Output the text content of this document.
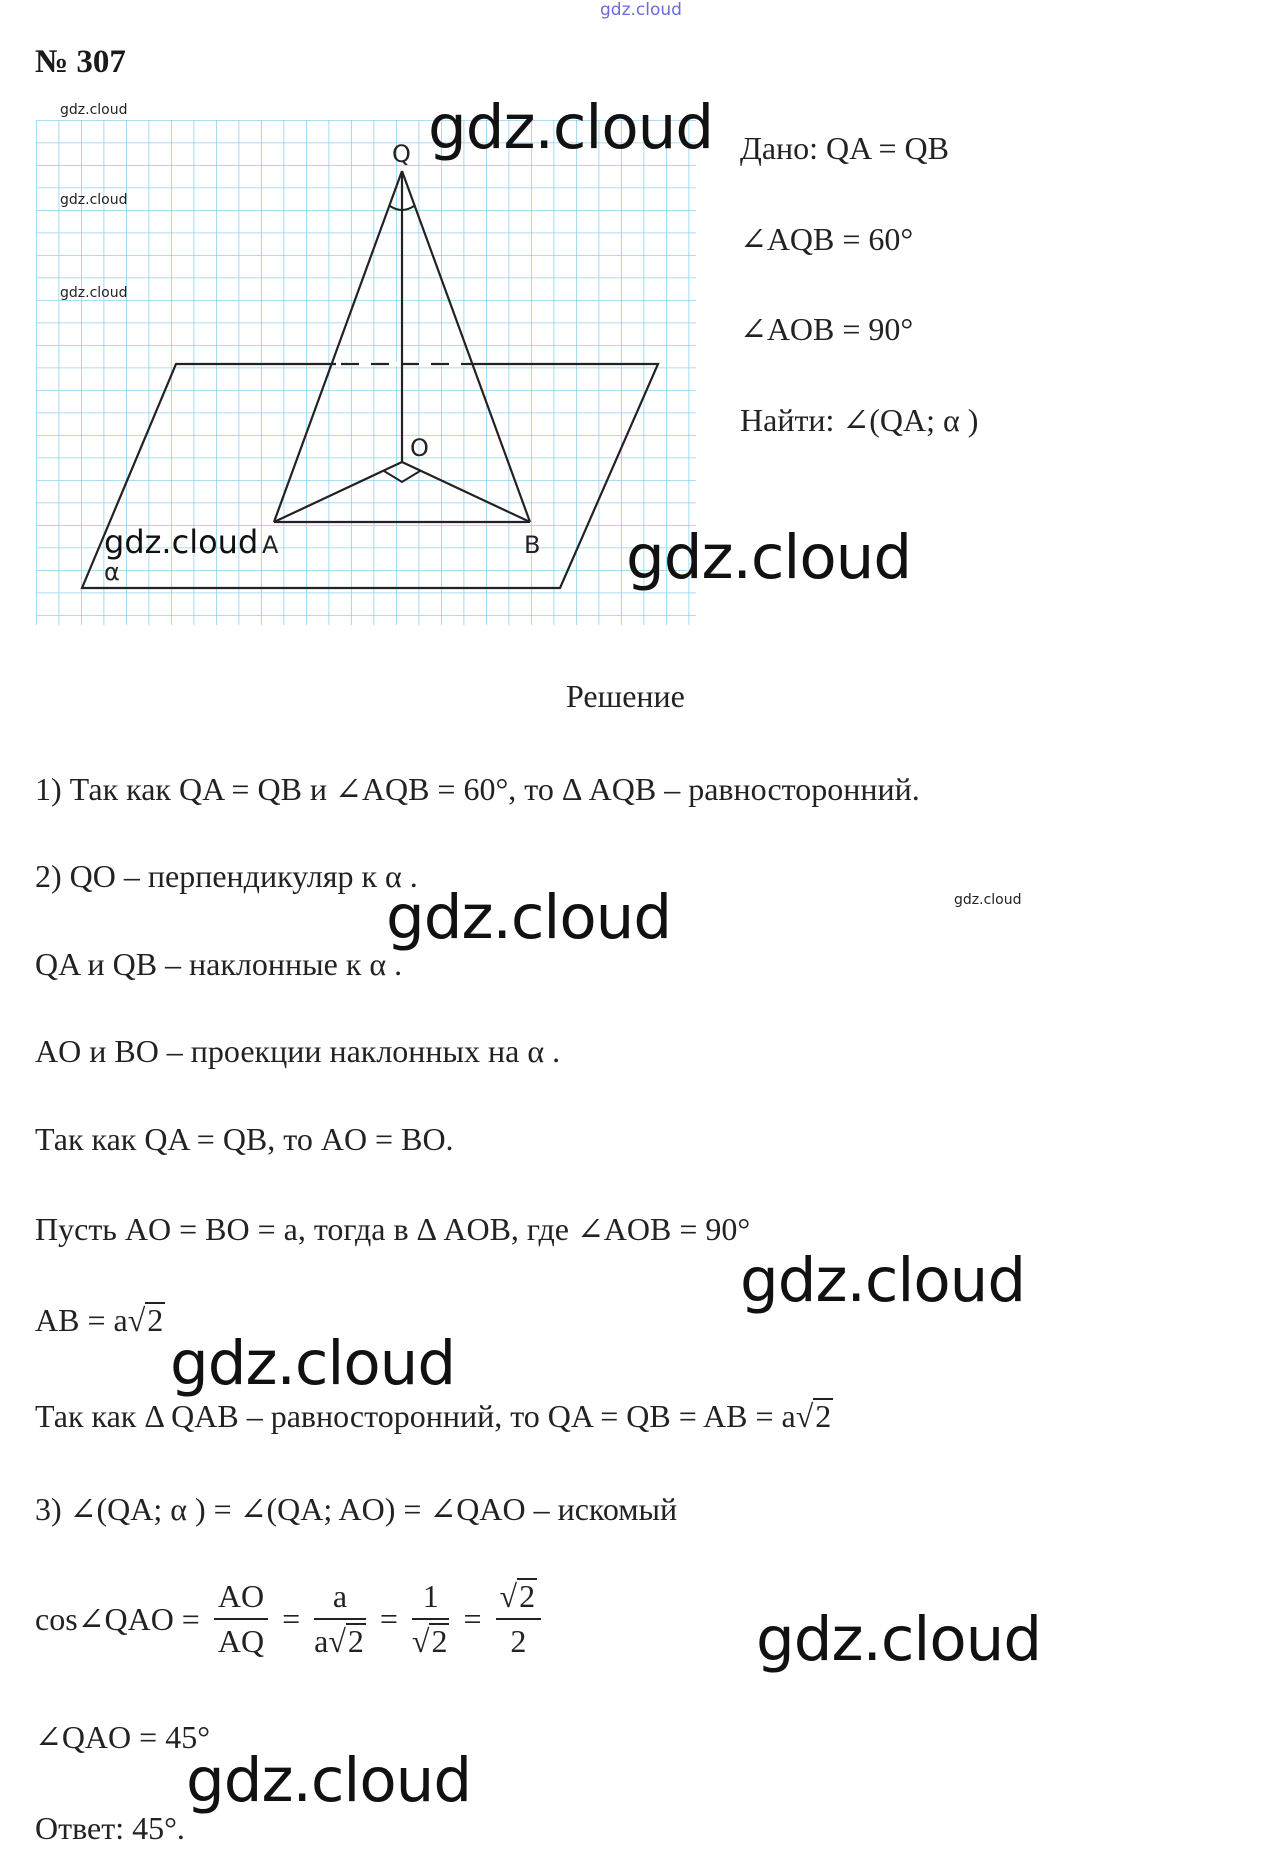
gdz.cloud
№ 307
Q
O
A	B
α
gdz.cloud
gdz.cloud
gdz.cloud
gdz.cloud
Дано: QA = QB
∠AQB = 60°
∠AOB = 90°
Найти: ∠(QA; α )
gdz.cloud
gdz.cloud
gdz.cloud
gdz.cloud
gdz.cloud
gdz.cloud
gdz.cloud
gdz.cloud
Решение
1) Так как QA = QB и ∠AQB = 60°, то Δ AQB – равносторонний.
2) QO – перпендикуляр к α .
QA и QB – наклонные к α .
AO и BO – проекции наклонных на α .
Так как QA = QB, то AO = BO.
Пусть AO = BO = a, тогда в Δ AOB, где ∠AOB = 90°
AB = a√2
Так как Δ QAB – равносторонний, то QA = QB = AB = a√2
3) ∠(QA; α ) = ∠(QA; AO) = ∠QAO – искомый
cos∠QAO = $\frac{AO}{AQ} = \frac{a}{a√2} = \frac{1}{√2} = \frac{√2}{2}$
∠QAO = 45°
Ответ: 45°.
